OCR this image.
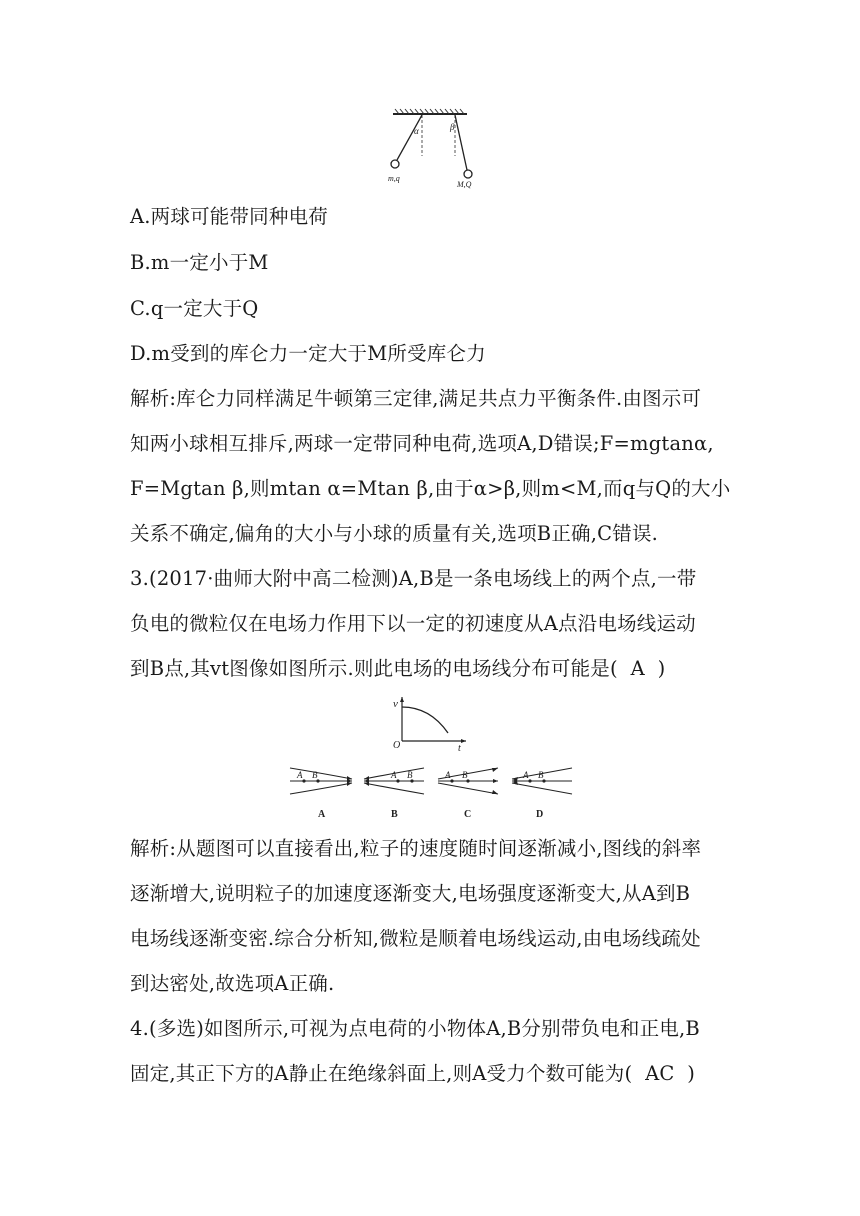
α	β
m,q
M,Q
A.两球可能带同种电荷
B.m一定小于M
C.q一定大于Q
D.m受到的库仑力一定大于M所受库仑力
解析:库仑力同样满足牛顿第三定律,满足共点力平衡条件.由图示可
知两小球相互排斥,两球一定带同种电荷,选项A,D错误;F=mgtanα,
F=Mgtan β,则mtan α=Mtan β,由于α>β,则m<M,而q与Q的大小
关系不确定,偏角的大小与小球的质量有关,选项B正确,C错误.
3.(2017·曲师大附中高二检测)A,B是一条电场线上的两个点,一带
负电的微粒仅在电场力作用下以一定的初速度从A点沿电场线运动
到B点,其vt图像如图所示.则此电场的电场线分布可能是(  A  )
v
O	t
A B
A
A B
B
A B
C
A B
D
解析:从题图可以直接看出,粒子的速度随时间逐渐减小,图线的斜率
逐渐增大,说明粒子的加速度逐渐变大,电场强度逐渐变大,从A到B
电场线逐渐变密.综合分析知,微粒是顺着电场线运动,由电场线疏处
到达密处,故选项A正确.
4.(多选)如图所示,可视为点电荷的小物体A,B分别带负电和正电,B
固定,其正下方的A静止在绝缘斜面上,则A受力个数可能为(  AC  )
